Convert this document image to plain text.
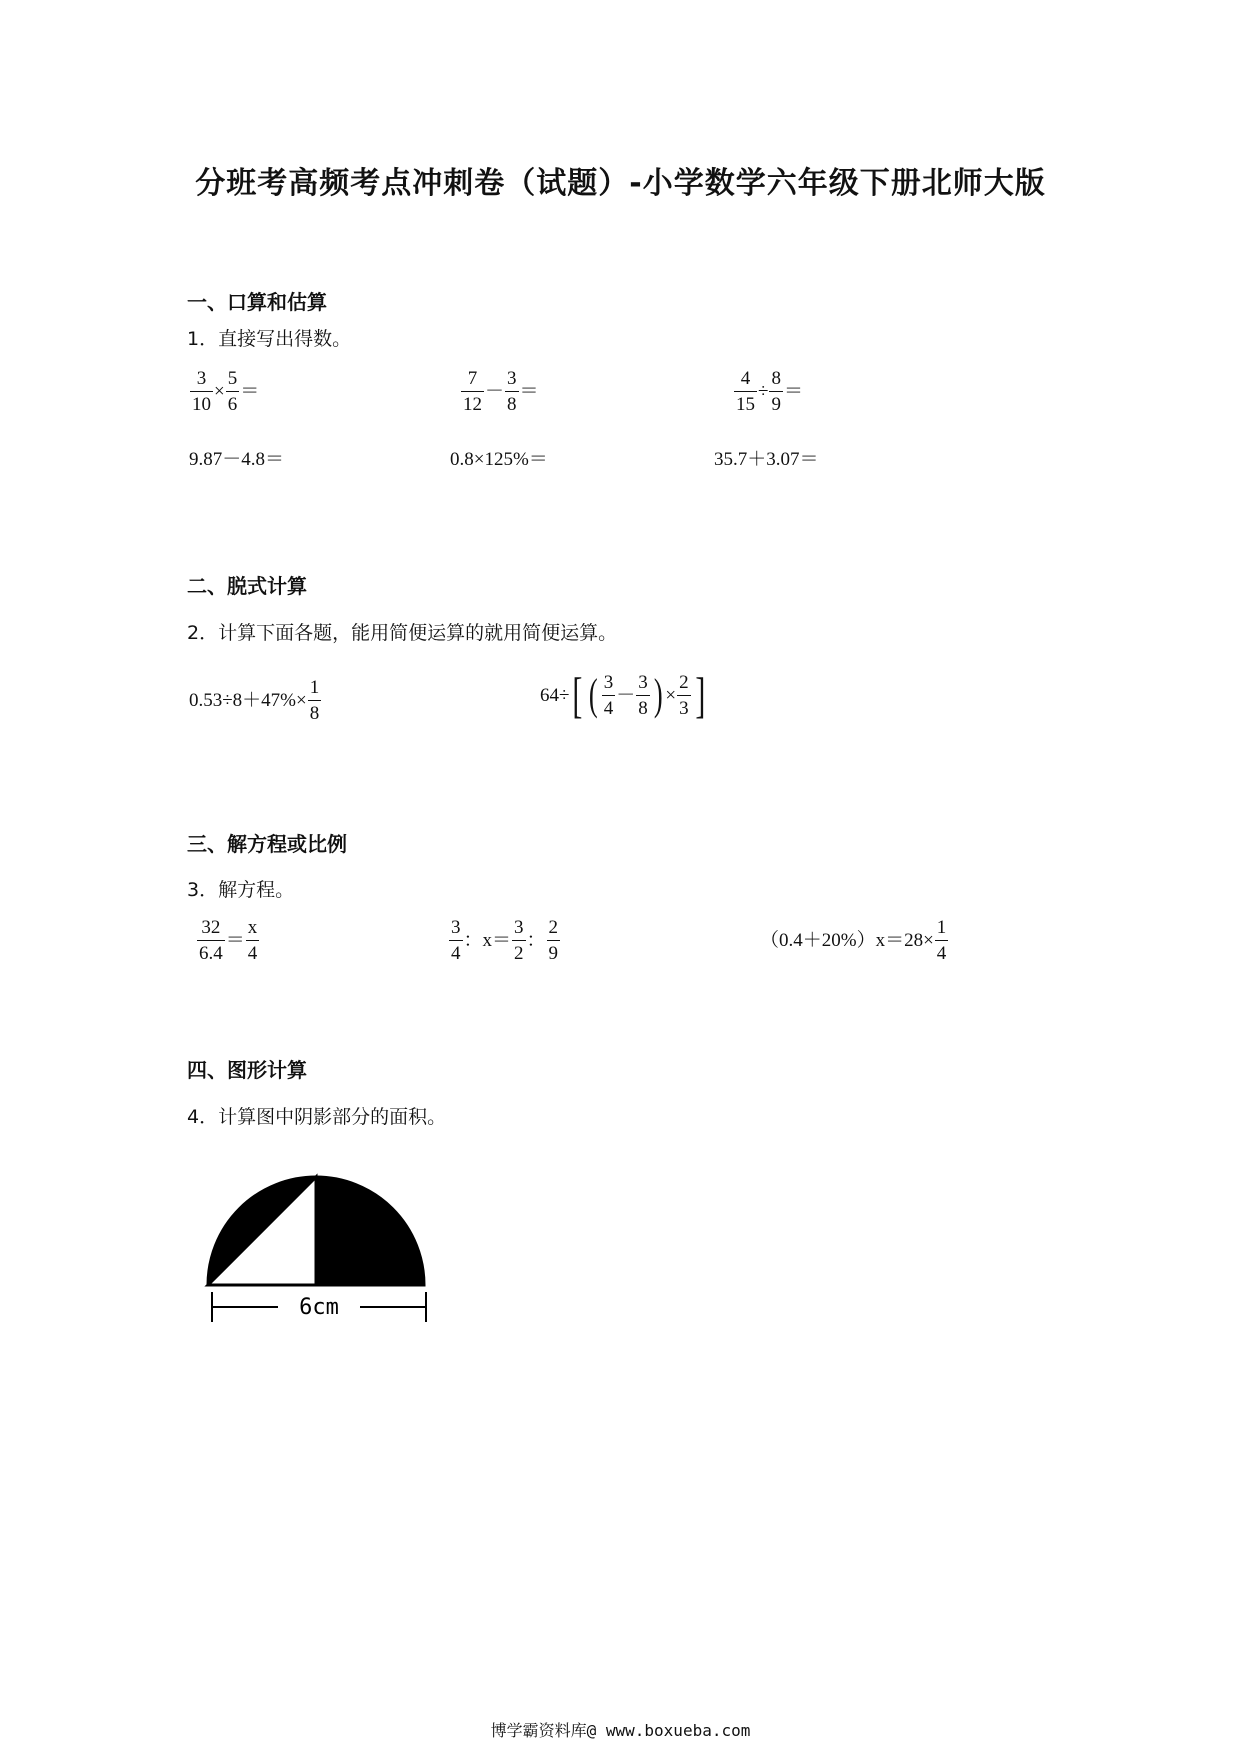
分班考高频考点冲刺卷（试题）-小学数学六年级下册北师大版
一、口算和估算
1．直接写出得数。
$\frac{3}{10} \times \frac{5}{6}$ ＝	$\frac{7}{12} - \frac{3}{8}$ ＝	$\frac{4}{15} \div \frac{8}{9}$ ＝
9.87－4.8＝	0.8×125%＝	35.7＋3.07＝
二、脱式计算
2．计算下面各题，能用简便运算的就用简便运算。
$0.53\div 8+47\%\times \frac{1}{8}$	64÷ [ ( $\frac{3}{4} - \frac{3}{8}$ ) × $\frac{2}{3}$ ]
三、解方程或比例
3．解方程。
$\frac{32}{6.4} = \frac{x}{4}$	$\frac{3}{4}$ ：$x= \frac{3}{2}$ ： $\frac{2}{9}$	$(0.4+20\%)x=28\times \frac{1}{4}$
四、图形计算
4．计算图中阴影部分的面积。
6cm
博学霸资料库@ www.boxueba.com
